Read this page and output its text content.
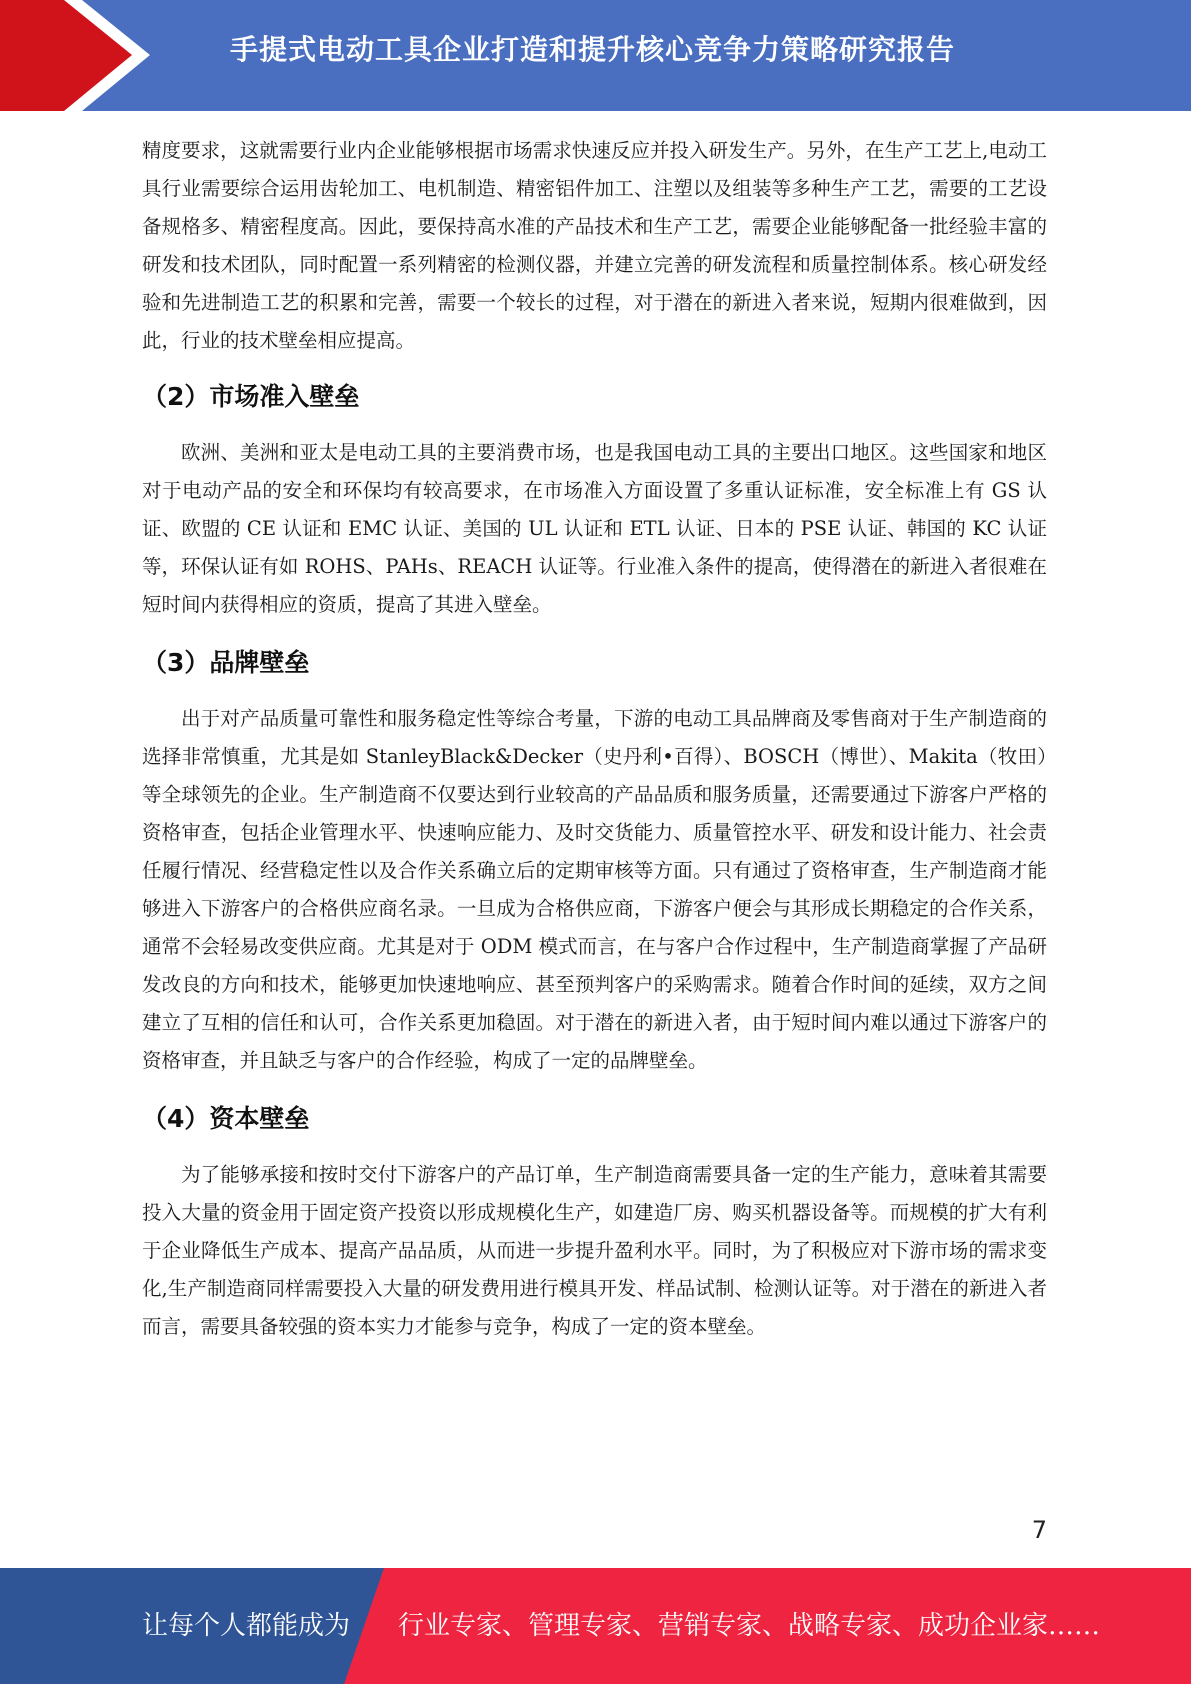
手提式电动工具企业打造和提升核心竞争力策略研究报告

精度要求，这就需要行业内企业能够根据市场需求快速反应并投入研发生产。另外，在生产工艺上,电动工具行业需要综合运用齿轮加工、电机制造、精密铝件加工、注塑以及组装等多种生产工艺，需要的工艺设备规格多、精密程度高。因此，要保持高水准的产品技术和生产工艺，需要企业能够配备一批经验丰富的研发和技术团队，同时配置一系列精密的检测仪器，并建立完善的研发流程和质量控制体系。核心研发经验和先进制造工艺的积累和完善，需要一个较长的过程，对于潜在的新进入者来说，短期内很难做到，因此，行业的技术壁垒相应提高。

（2）市场准入壁垒

欧洲、美洲和亚太是电动工具的主要消费市场，也是我国电动工具的主要出口地区。这些国家和地区对于电动产品的安全和环保均有较高要求，在市场准入方面设置了多重认证标准，安全标准上有 GS 认证、欧盟的 CE 认证和 EMC 认证、美国的 UL 认证和 ETL 认证、日本的 PSE 认证、韩国的 KC 认证等，环保认证有如 ROHS、PAHs、REACH 认证等。行业准入条件的提高，使得潜在的新进入者很难在短时间内获得相应的资质，提高了其进入壁垒。

（3）品牌壁垒

出于对产品质量可靠性和服务稳定性等综合考量，下游的电动工具品牌商及零售商对于生产制造商的选择非常慎重，尤其是如 StanleyBlack&Decker（史丹利•百得）、BOSCH（博世）、Makita（牧田）等全球领先的企业。生产制造商不仅要达到行业较高的产品品质和服务质量，还需要通过下游客户严格的资格审查，包括企业管理水平、快速响应能力、及时交货能力、质量管控水平、研发和设计能力、社会责任履行情况、经营稳定性以及合作关系确立后的定期审核等方面。只有通过了资格审查，生产制造商才能够进入下游客户的合格供应商名录。一旦成为合格供应商，下游客户便会与其形成长期稳定的合作关系，通常不会轻易改变供应商。尤其是对于 ODM 模式而言，在与客户合作过程中，生产制造商掌握了产品研发改良的方向和技术，能够更加快速地响应、甚至预判客户的采购需求。随着合作时间的延续，双方之间建立了互相的信任和认可，合作关系更加稳固。对于潜在的新进入者，由于短时间内难以通过下游客户的资格审查，并且缺乏与客户的合作经验，构成了一定的品牌壁垒。

（4）资本壁垒

为了能够承接和按时交付下游客户的产品订单，生产制造商需要具备一定的生产能力，意味着其需要投入大量的资金用于固定资产投资以形成规模化生产，如建造厂房、购买机器设备等。而规模的扩大有利于企业降低生产成本、提高产品品质，从而进一步提升盈利水平。同时，为了积极应对下游市场的需求变化,生产制造商同样需要投入大量的研发费用进行模具开发、样品试制、检测认证等。对于潜在的新进入者而言，需要具备较强的资本实力才能参与竞争，构成了一定的资本壁垒。

7
让每个人都能成为 行业专家、管理专家、营销专家、战略专家、成功企业家……
